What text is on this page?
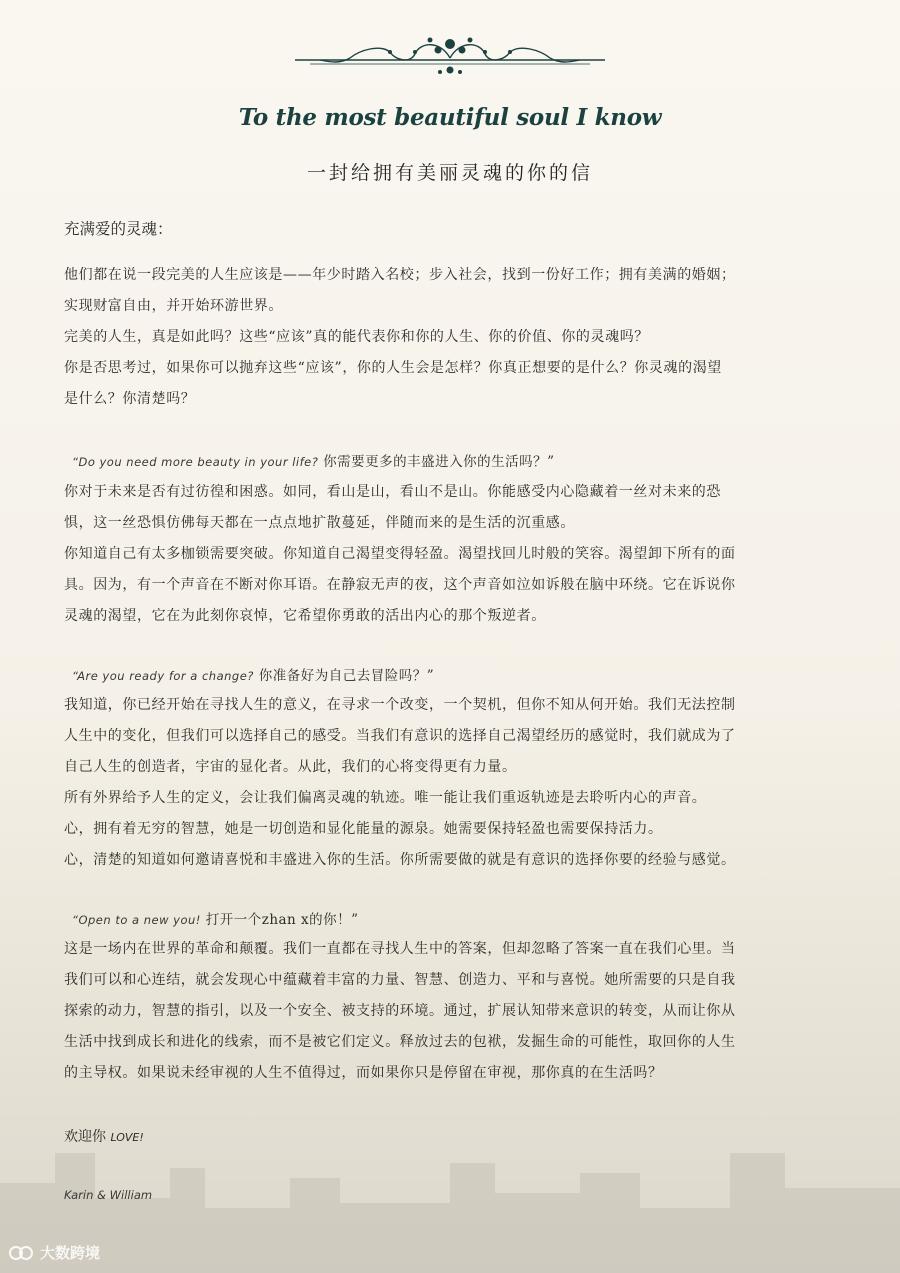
To the most beautiful soul I know
一封给拥有美丽灵魂的你的信
充满爱的灵魂：

他们都在说一段完美的人生应该是——年少时踏入名校；步入社会，找到一份好工作；拥有美满的婚姻；

实现财富自由，并开始环游世界。

完美的人生，真是如此吗？这些“应该”真的能代表你和你的人生、你的价值、你的灵魂吗？

你是否思考过，如果你可以抛弃这些“应该”，你的人生会是怎样？你真正想要的是什么？你灵魂的渴望

是什么？你清楚吗？

“Do you need more beauty in your life? 你需要更多的丰盛进入你的生活吗？”

你对于未来是否有过彷徨和困惑。如同，看山是山，看山不是山。你能感受内心隐藏着一丝对未来的恐

惧，这一丝恐惧仿佛每天都在一点点地扩散蔓延，伴随而来的是生活的沉重感。

你知道自己有太多枷锁需要突破。你知道自己渴望变得轻盈。渴望找回儿时般的笑容。渴望卸下所有的面

具。因为，有一个声音在不断对你耳语。在静寂无声的夜，这个声音如泣如诉般在脑中环绕。它在诉说你

灵魂的渴望，它在为此刻你哀悼，它希望你勇敢的活出内心的那个叛逆者。

“Are you ready for a change? 你准备好为自己去冒险吗？”

我知道，你已经开始在寻找人生的意义，在寻求一个改变，一个契机，但你不知从何开始。我们无法控制

人生中的变化，但我们可以选择自己的感受。当我们有意识的选择自己渴望经历的感觉时，我们就成为了

自己人生的创造者，宇宙的显化者。从此，我们的心将变得更有力量。

所有外界给予人生的定义，会让我们偏离灵魂的轨迹。唯一能让我们重返轨迹是去聆听内心的声音。

心，拥有着无穷的智慧，她是一切创造和显化能量的源泉。她需要保持轻盈也需要保持活力。

心，清楚的知道如何邀请喜悦和丰盛进入你的生活。你所需要做的就是有意识的选择你要的经验与感觉。

“Open to a new you! 打开一个zhan x的你！”

这是一场内在世界的革命和颠覆。我们一直都在寻找人生中的答案，但却忽略了答案一直在我们心里。当

我们可以和心连结，就会发现心中蕴藏着丰富的力量、智慧、创造力、平和与喜悦。她所需要的只是自我

探索的动力，智慧的指引，以及一个安全、被支持的环境。通过，扩展认知带来意识的转变，从而让你从

生活中找到成长和进化的线索，而不是被它们定义。释放过去的包袱，发掘生命的可能性，取回你的人生

的主导权。如果说未经审视的人生不值得过，而如果你只是停留在审视，那你真的在生活吗？

欢迎你 LOVE!
Karin & William
大数跨境
